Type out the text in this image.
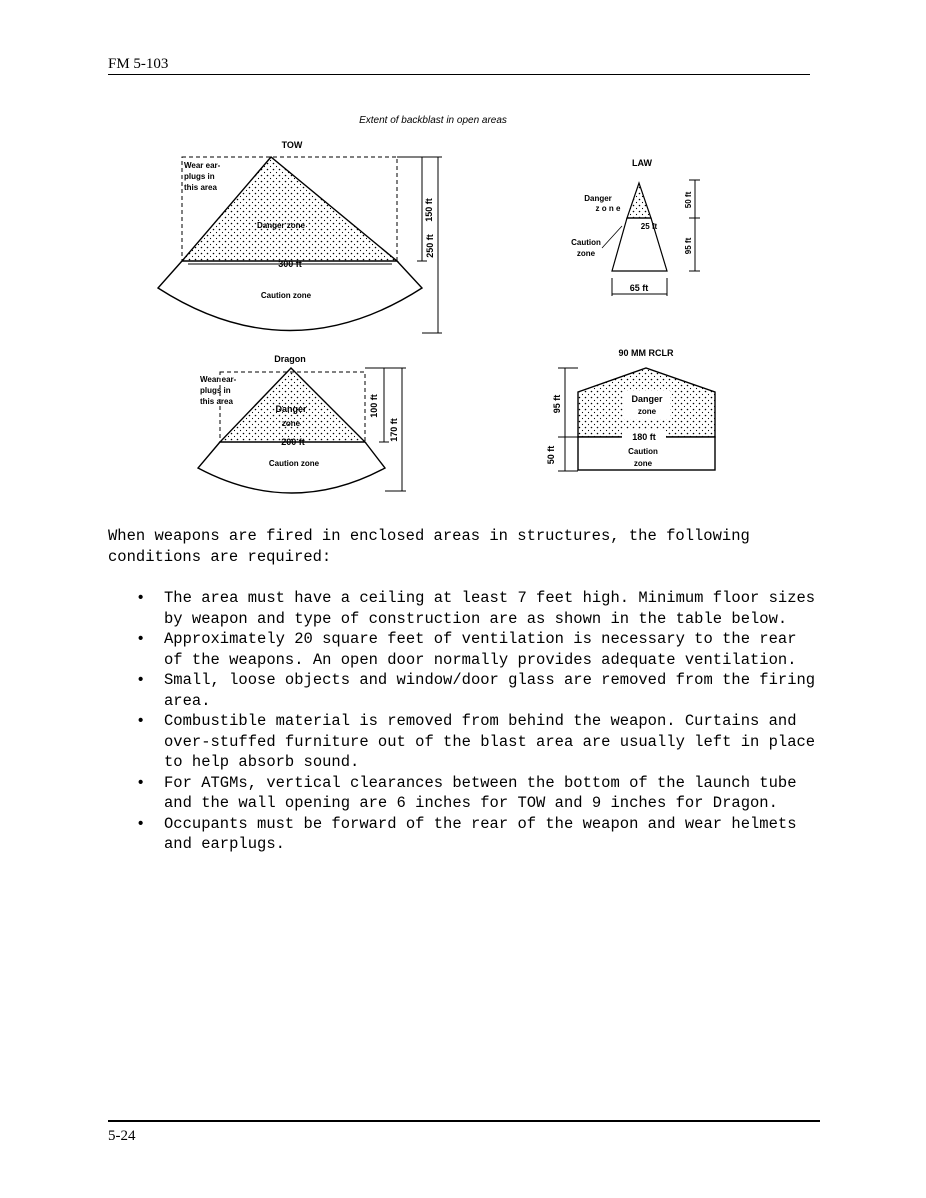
FM 5-103
Extent of backblast in open areas
TOW
Wear ear-
plugs in
this area
Danger zone
300 ft
Caution zone
150 ft
250 ft
LAW
Danger
z o n e
25 ft
Caution
zone
50 ft
95 ft
65 ft
Dragon
Wear ear-
plugs in
this area
Danger
zone
200 ft
Caution zone
100 ft
170 ft
90 MM RCLR
Danger
zone
180 ft
Caution
zone
95 ft
50 ft

When weapons are fired in enclosed areas in structures, the following conditions are required:

• The area must have a ceiling at least 7 feet high. Minimum floor sizes by weapon and type of construction are as shown in the table below.
• Approximately 20 square feet of ventilation is necessary to the rear of the weapons. An open door normally provides adequate ventilation.
• Small, loose objects and window/door glass are removed from the firing area.
• Combustible material is removed from behind the weapon. Curtains and over-stuffed furniture out of the blast area are usually left in place to help absorb sound.
• For ATGMs, vertical clearances between the bottom of the launch tube and the wall opening are 6 inches for TOW and 9 inches for Dragon.
• Occupants must be forward of the rear of the weapon and wear helmets and earplugs.
5-24
